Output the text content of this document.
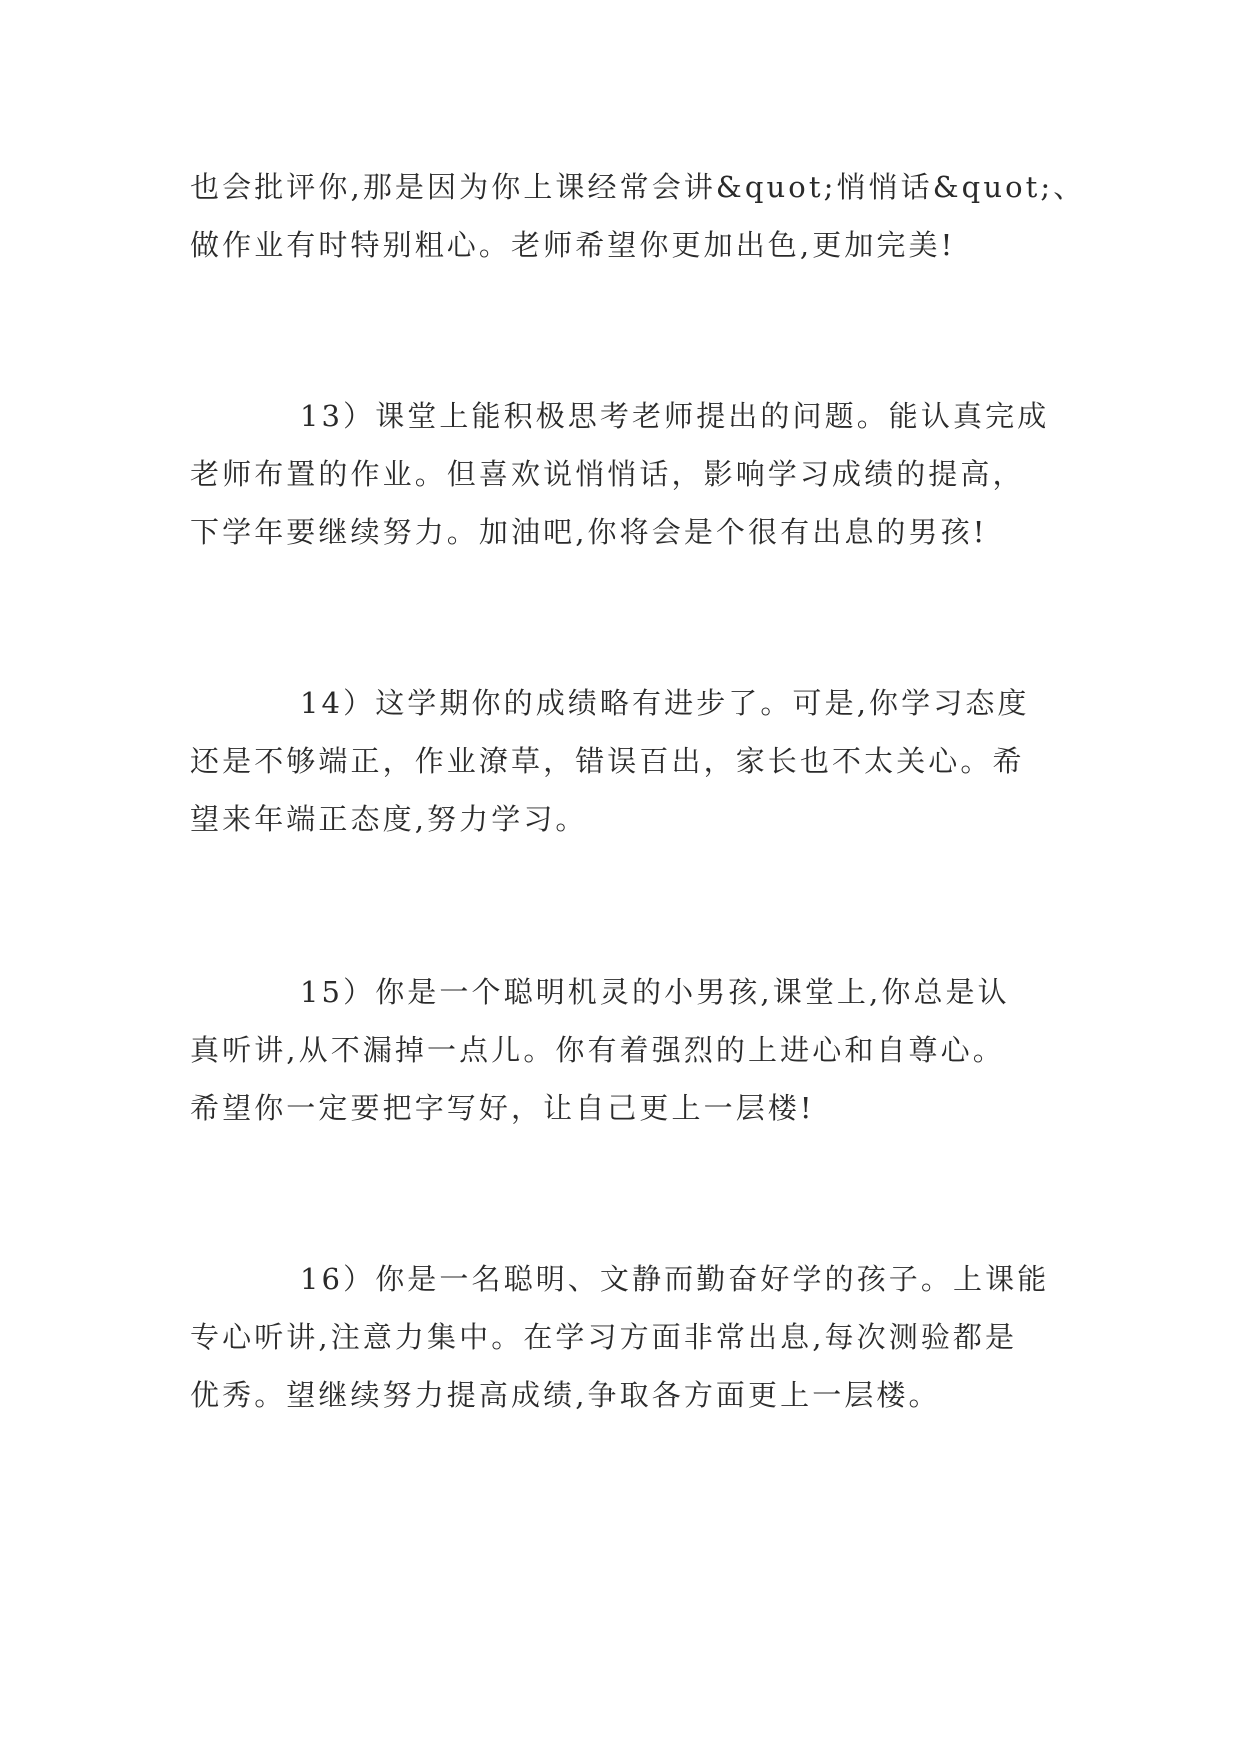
也会批评你,那是因为你上课经常会讲&quot;悄悄话&quot;、
做作业有时特别粗心。老师希望你更加出色,更加完美!
13）课堂上能积极思考老师提出的问题。能认真完成
老师布置的作业。但喜欢说悄悄话，影响学习成绩的提高，
下学年要继续努力。加油吧,你将会是个很有出息的男孩!
14）这学期你的成绩略有进步了。可是,你学习态度
还是不够端正，作业潦草，错误百出，家长也不太关心。希
望来年端正态度,努力学习。
15）你是一个聪明机灵的小男孩,课堂上,你总是认
真听讲,从不漏掉一点儿。你有着强烈的上进心和自尊心。
希望你一定要把字写好，让自己更上一层楼!
16）你是一名聪明、文静而勤奋好学的孩子。上课能
专心听讲,注意力集中。在学习方面非常出息,每次测验都是
优秀。望继续努力提高成绩,争取各方面更上一层楼。
